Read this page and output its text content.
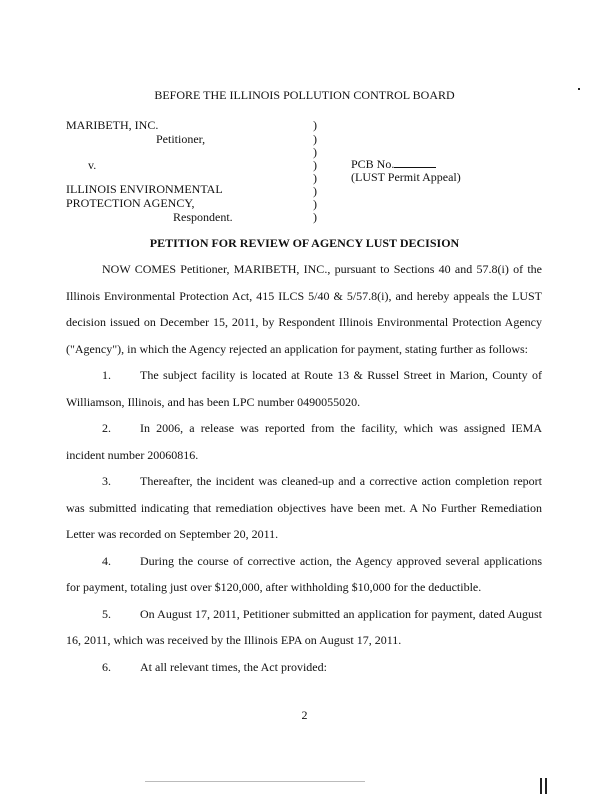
BEFORE THE ILLINOIS POLLUTION CONTROL BOARD
MARIBETH, INC.
Petitioner,
v.
ILLINOIS ENVIRONMENTAL
PROTECTION AGENCY,
Respondent.
)
)
)
)
)
)
)
)
PCB No.
(LUST Permit Appeal)
PETITION FOR REVIEW OF AGENCY LUST DECISION

NOW COMES Petitioner, MARIBETH, INC., pursuant to Sections 40 and 57.8(i) of the Illinois Environmental Protection Act, 415 ILCS 5/40 & 5/57.8(i), and hereby appeals the LUST decision issued on December 15, 2011, by Respondent Illinois Environmental Protection Agency ("Agency"), in which the Agency rejected an application for payment, stating further as follows:

1. The subject facility is located at Route 13 & Russel Street in Marion, County of Williamson, Illinois, and has been LPC number 0490055020.

2. In 2006, a release was reported from the facility, which was assigned IEMA incident number 20060816.

3. Thereafter, the incident was cleaned-up and a corrective action completion report was submitted indicating that remediation objectives have been met. A No Further Remediation Letter was recorded on September 20, 2011.

4. During the course of corrective action, the Agency approved several applications for payment, totaling just over $120,000, after withholding $10,000 for the deductible.

5. On August 17, 2011, Petitioner submitted an application for payment, dated August 16, 2011, which was received by the Illinois EPA on August 17, 2011.

6. At all relevant times, the Act provided:

2
